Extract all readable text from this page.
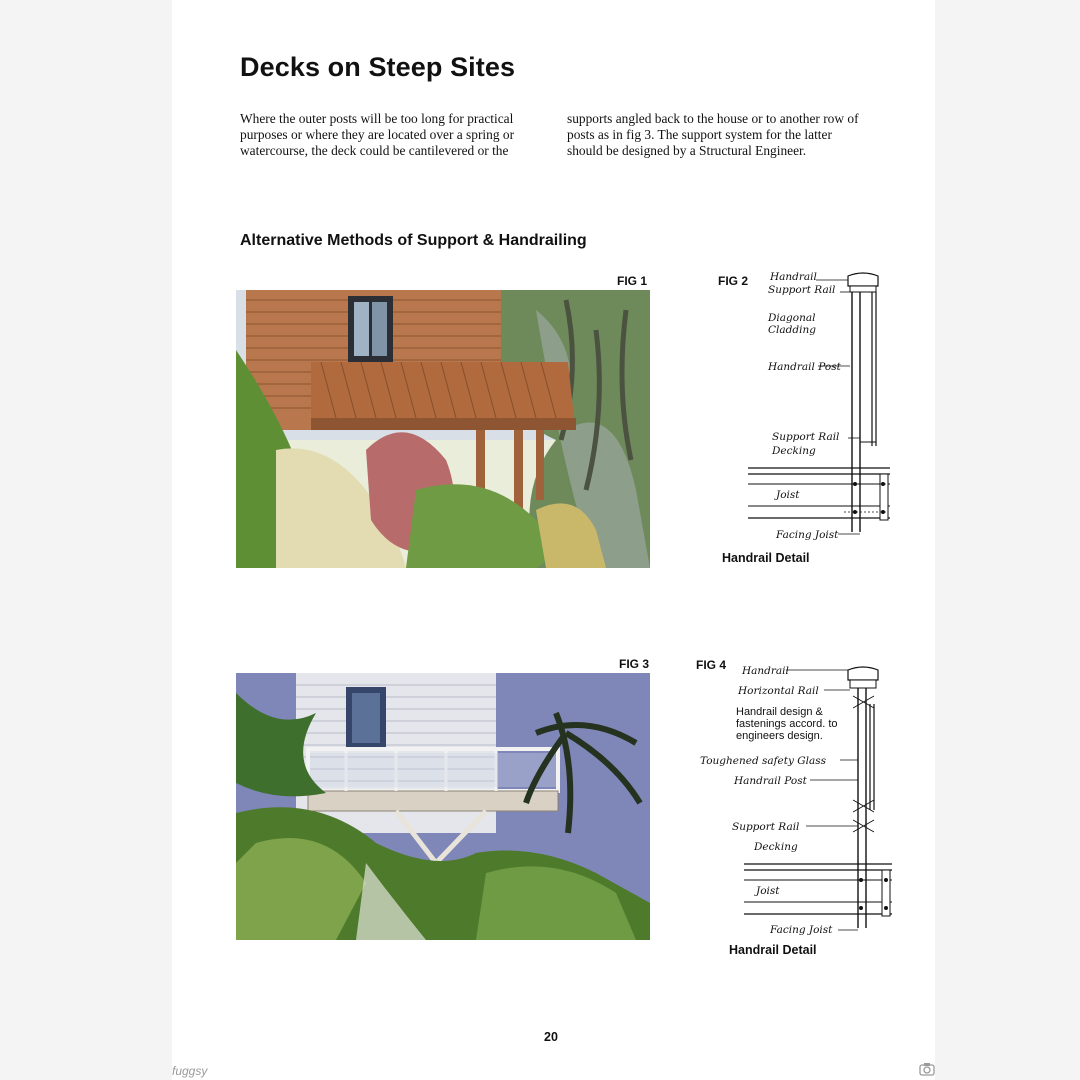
Decks on Steep Sites
Where the outer posts will be too long for practical purposes or where they are located over a spring or watercourse, the deck could be cantilevered or the
supports angled back to the house or to another row of posts as in fig 3. The support system for the latter should be designed by a Structural Engineer.
Alternative Methods of Support & Handrailing
FIG 1	FIG 2 Handrail
Support Rail
Diagonal
Cladding
Handrail Post
Support Rail
Decking
Joist
Facing Joist
Handrail Detail
FIG 3	FIG 4 Handrail
Horizontal Rail
Handrail design &
fastenings accord. to
engineers design.
Toughened safety Glass
Handrail Post
Support Rail
Decking
Joist
Facing Joist
Handrail Detail
20
fuggsy
